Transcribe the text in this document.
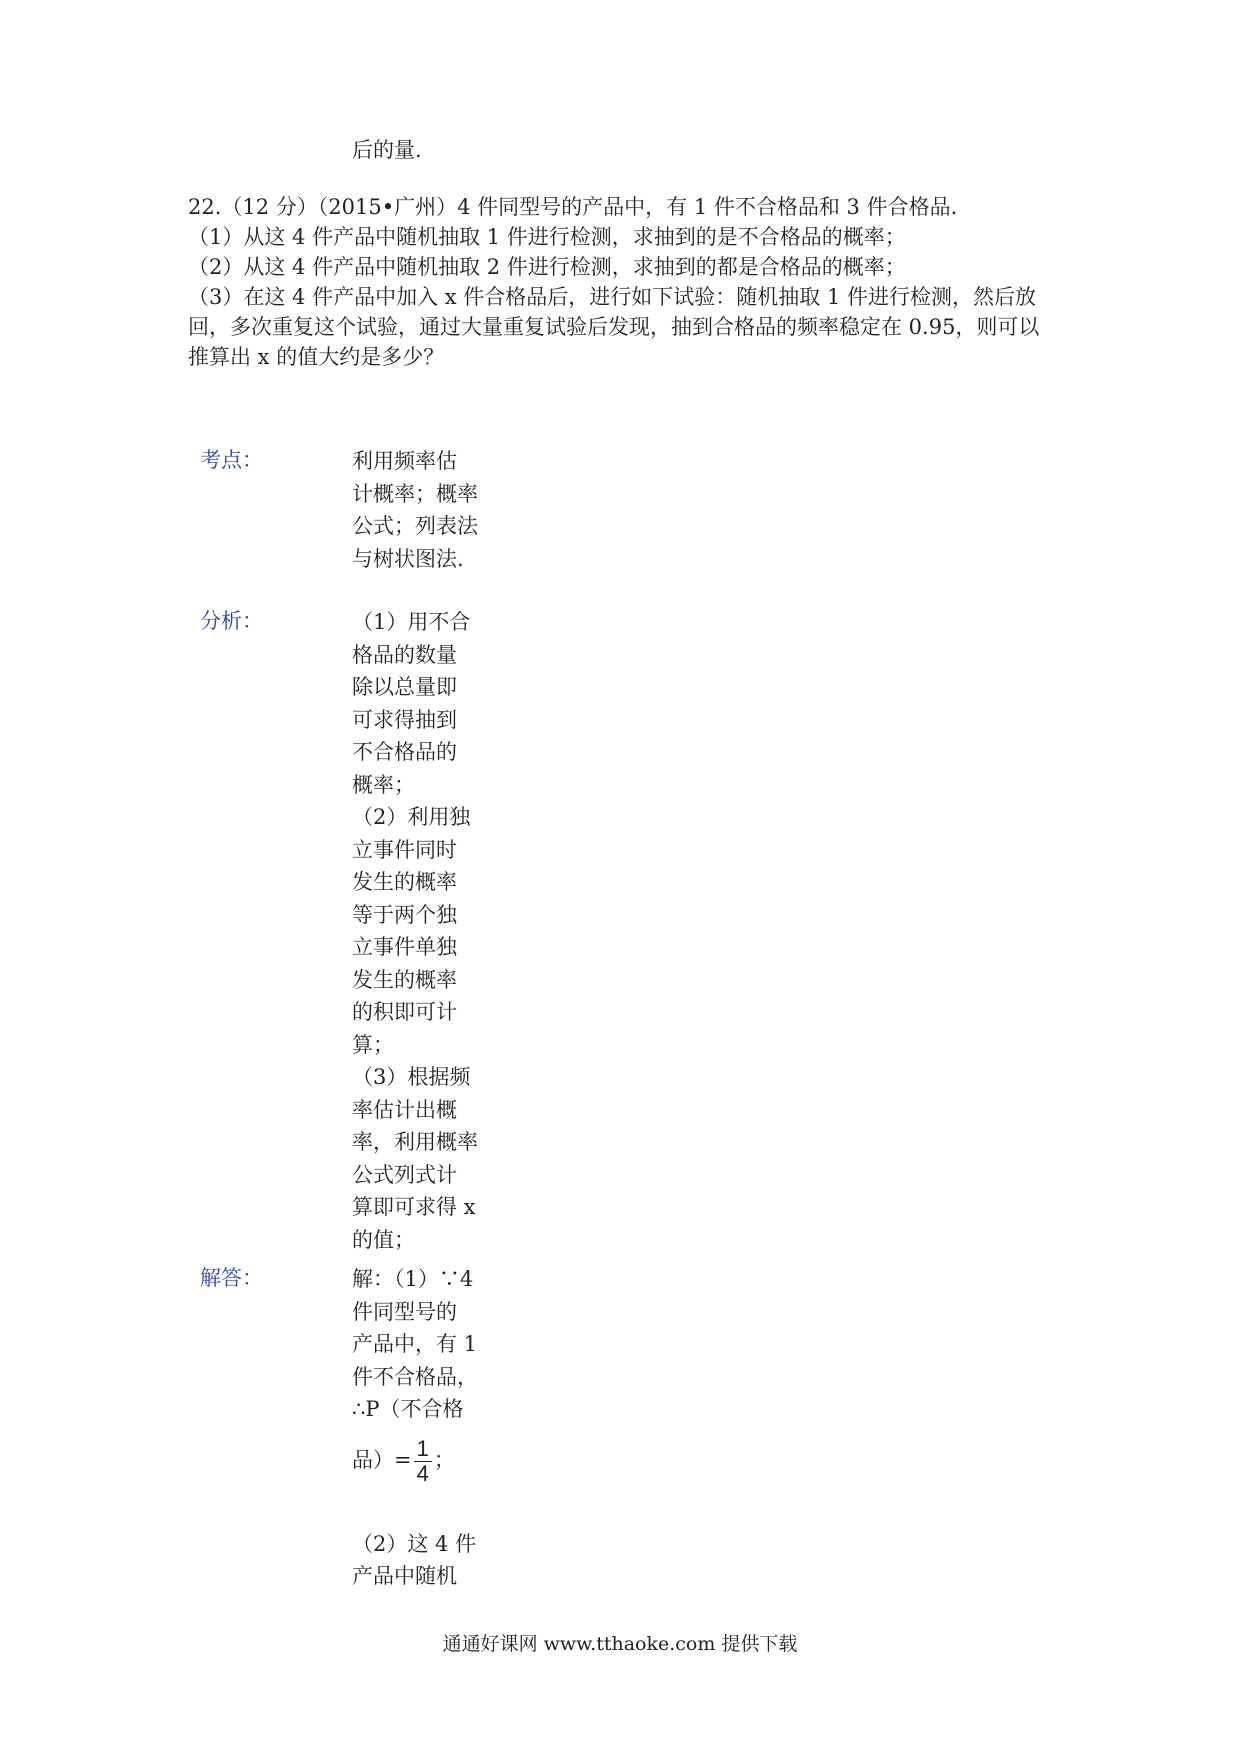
后的量.
22.（12 分）（2015•广州）4 件同型号的产品中，有 1 件不合格品和 3 件合格品.
（1）从这 4 件产品中随机抽取 1 件进行检测，求抽到的是不合格品的概率；
（2）从这 4 件产品中随机抽取 2 件进行检测，求抽到的都是合格品的概率；
（3）在这 4 件产品中加入 x 件合格品后，进行如下试验：随机抽取 1 件进行检测，然后放
回，多次重复这个试验，通过大量重复试验后发现，抽到合格品的频率稳定在 0.95，则可以
推算出 x 的值大约是多少？
考点：	利用频率估
计概率；概率
公式；列表法
与树状图法.
分析：	（1）用不合
格品的数量
除以总量即
可求得抽到
不合格品的
概率；
（2）利用独
立事件同时
发生的概率
等于两个独
立事件单独
发生的概率
的积即可计
算；
（3）根据频
率估计出概
率，利用概率
公式列式计
算即可求得 x
的值；
解答：	解：（1）∵4
件同型号的
产品中，有 1
件不合格品，
∴P（不合格
品）= $\frac{1}{4}$ ；
（2）这 4 件
产品中随机
通通好课网 www.tthaoke.com 提供下载
